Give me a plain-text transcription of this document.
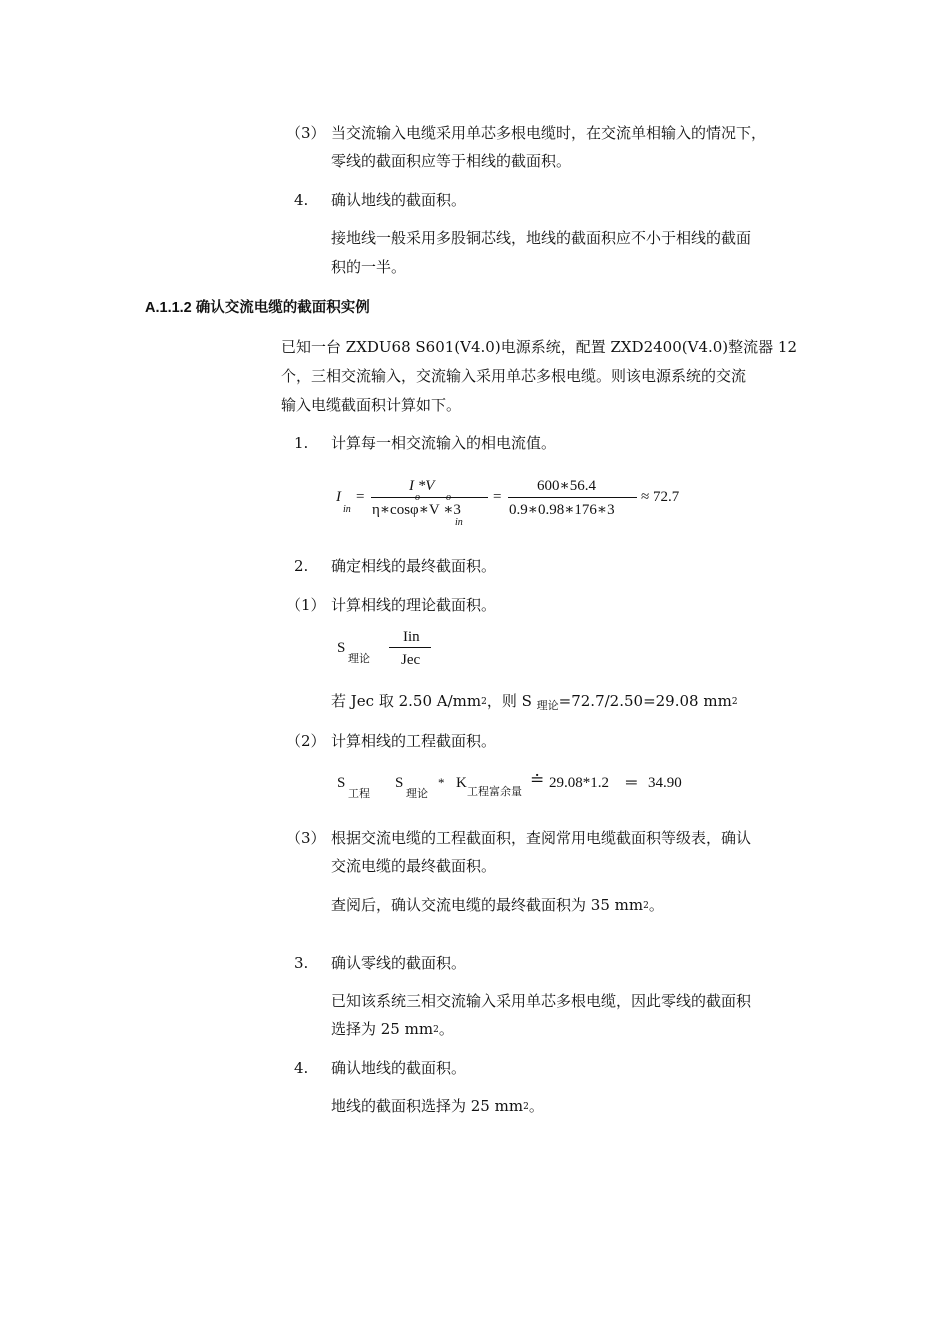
（3） 当交流输入电缆采用单芯多根电缆时，在交流单相输入的情况下，
零线的截面积应等于相线的截面积。
4. 确认地线的截面积。
接地线一般采用多股铜芯线，地线的截面积应不小于相线的截面
积的一半。
A.1.1.2 确认交流电缆的截面积实例
已知一台 ZXDU68 S601(V4.0)电源系统，配置 ZXD2400(V4.0)整流器 12
个，三相交流输入，交流输入采用单芯多根电缆。则该电源系统的交流
输入电缆截面积计算如下。
1. 计算每一相交流输入的相电流值。
I
in
=
I *V
η∗cosφ∗V ∗3
in
=
600∗56.4
0.9∗0.98∗176∗3
≈ 72.7
2. 确定相线的最终截面积。
（1） 计算相线的理论截面积。
S
理论
Iin
Jec
若 Jec 取 2.50 $A/mm^2$，则 S $_{理论}$=72.7/2.50=29.08 $mm^2$
（2） 计算相线的工程截面积。
S
工程
S
理论
* K
工程富余量
≐ 29.08*1.2 ═ 34.90
（3） 根据交流电缆的工程截面积，查阅常用电缆截面积等级表，确认
交流电缆的最终截面积。
查阅后，确认交流电缆的最终截面积为 35 $mm^2$。
3. 确认零线的截面积。
已知该系统三相交流输入采用单芯多根电缆，因此零线的截面积
选择为 25 $mm^2$。
4. 确认地线的截面积。
地线的截面积选择为 25 $mm^2$。
